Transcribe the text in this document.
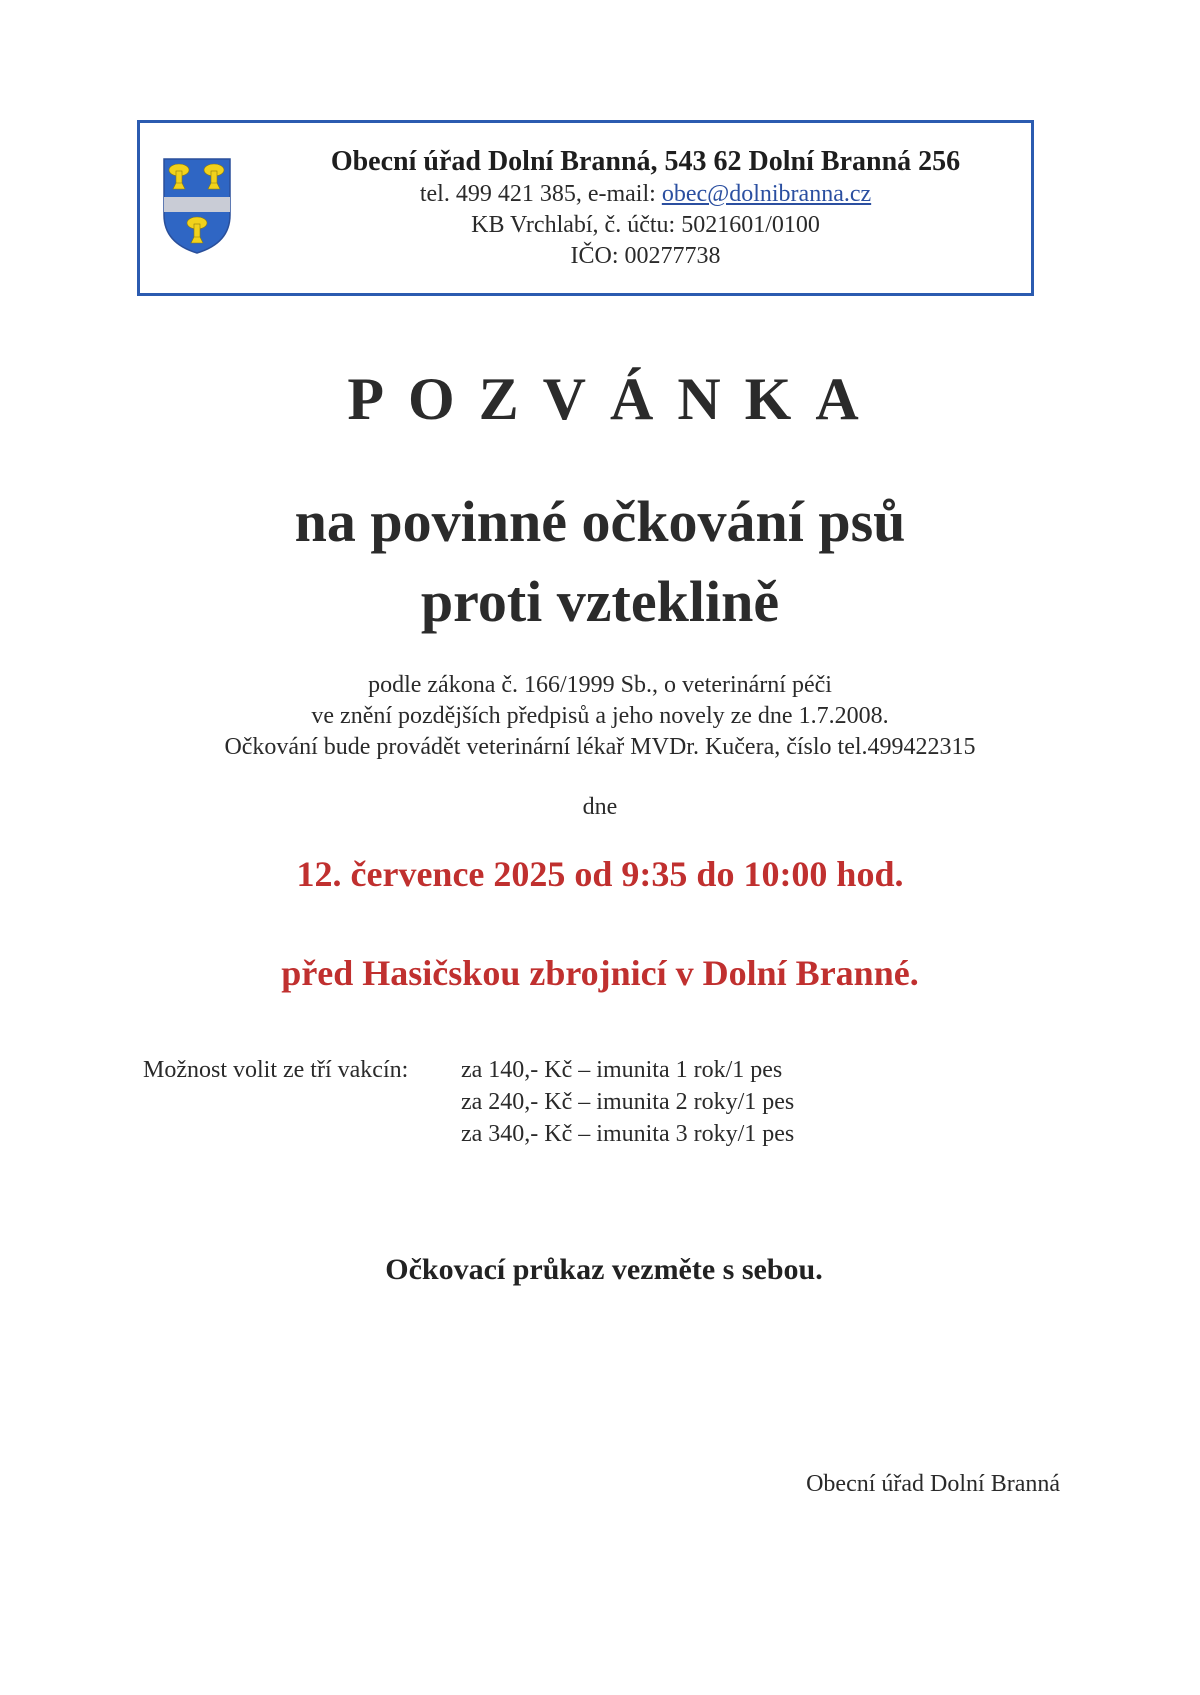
Obecní úřad Dolní Branná, 543 62 Dolní Branná 256
tel. 499 421 385, e-mail: obec@dolnibranna.cz
KB Vrchlabí, č. účtu: 5021601/0100
IČO: 00277738
POZVÁNKA
na povinné očkování psů
proti vzteklině
podle zákona č. 166/1999 Sb., o veterinární péči
ve znění pozdějších předpisů a jeho novely ze dne 1.7.2008.
Očkování bude provádět veterinární lékař MVDr. Kučera, číslo tel.499422315
dne
12. července 2025 od 9:35 do 10:00 hod.
před Hasičskou zbrojnicí v Dolní Branné.
Možnost volit ze tří vakcín:	za 140,- Kč – imunita 1 rok/1 pes
za 240,- Kč – imunita 2 roky/1 pes
za 340,- Kč – imunita 3 roky/1 pes
Očkovací průkaz vezměte s sebou.
Obecní úřad Dolní Branná
